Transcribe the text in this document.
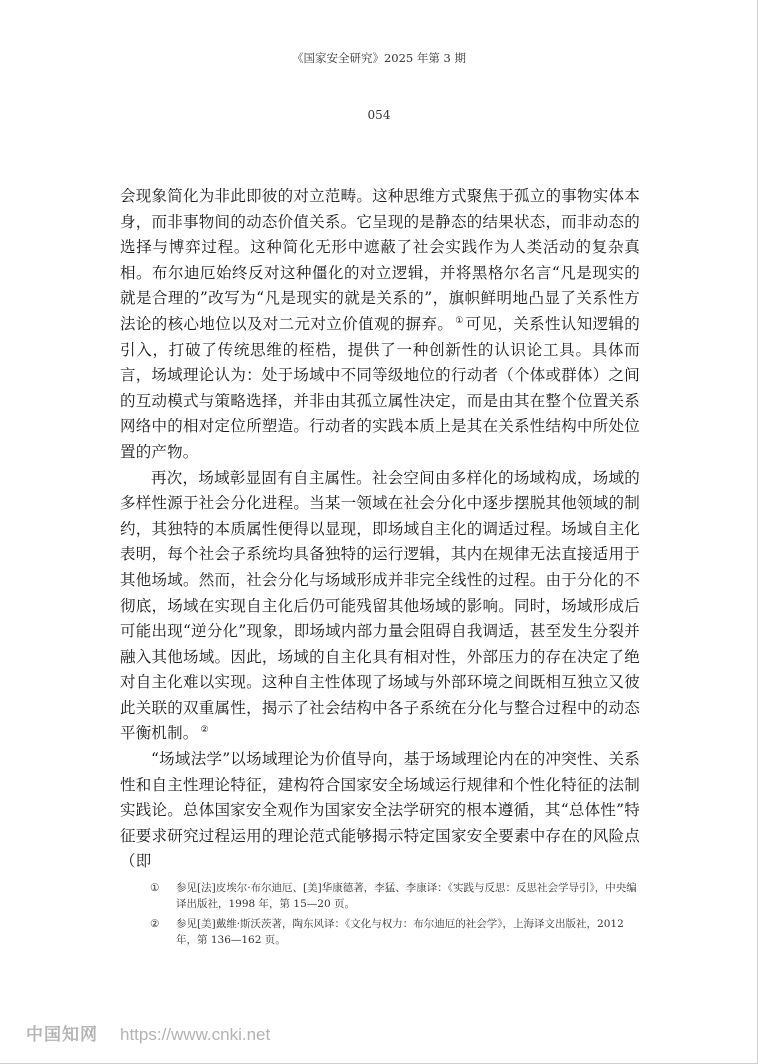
《国家安全研究》2025 年第 3 期
054

会现象简化为非此即彼的对立范畴。这种思维方式聚焦于孤立的事物实体本身，而非事物间的动态价值关系。它呈现的是静态的结果状态，而非动态的选择与博弈过程。这种简化无形中遮蔽了社会实践作为人类活动的复杂真相。布尔迪厄始终反对这种僵化的对立逻辑，并将黑格尔名言“凡是现实的就是合理的”改写为“凡是现实的就是关系的”，旗帜鲜明地凸显了关系性方法论的核心地位以及对二元对立价值观的摒弃。 ① 可见，关系性认知逻辑的引入，打破了传统思维的桎梏，提供了一种创新性的认识论工具。具体而言，场域理论认为：处于场域中不同等级地位的行动者（个体或群体）之间的互动模式与策略选择，并非由其孤立属性决定，而是由其在整个位置关系网络中的相对定位所塑造。行动者的实践本质上是其在关系性结构中所处位置的产物。

再次，场域彰显固有自主属性。社会空间由多样化的场域构成，场域的多样性源于社会分化进程。当某一领域在社会分化中逐步摆脱其他领域的制约，其独特的本质属性便得以显现，即场域自主化的调适过程。场域自主化表明，每个社会子系统均具备独特的运行逻辑，其内在规律无法直接适用于其他场域。然而，社会分化与场域形成并非完全线性的过程。由于分化的不彻底，场域在实现自主化后仍可能残留其他场域的影响。同时，场域形成后可能出现“逆分化”现象，即场域内部力量会阻碍自我调适，甚至发生分裂并融入其他场域。因此，场域的自主化具有相对性，外部压力的存在决定了绝对自主化难以实现。这种自主性体现了场域与外部环境之间既相互独立又彼此关联的双重属性，揭示了社会结构中各子系统在分化与整合过程中的动态平衡机制。 ②

“场域法学”以场域理论为价值导向，基于场域理论内在的冲突性、关系性和自主性理论特征，建构符合国家安全场域运行规律和个性化特征的法制实践论。总体国家安全观作为国家安全法学研究的根本遵循，其“总体性”特征要求研究过程运用的理论范式能够揭示特定国家安全要素中存在的风险点（即

①	参见[法]皮埃尔·布尔迪厄、[美]华康德著，李猛、李康译：《实践与反思：反思社会学导引》，中央编译出版社，1998 年，第 15—20 页。
②	参见[美]戴维·斯沃茨著，陶东风译：《文化与权力：布尔迪厄的社会学》，上海译文出版社，2012 年，第 136—162 页。
中国知网 https://www.cnki.net
